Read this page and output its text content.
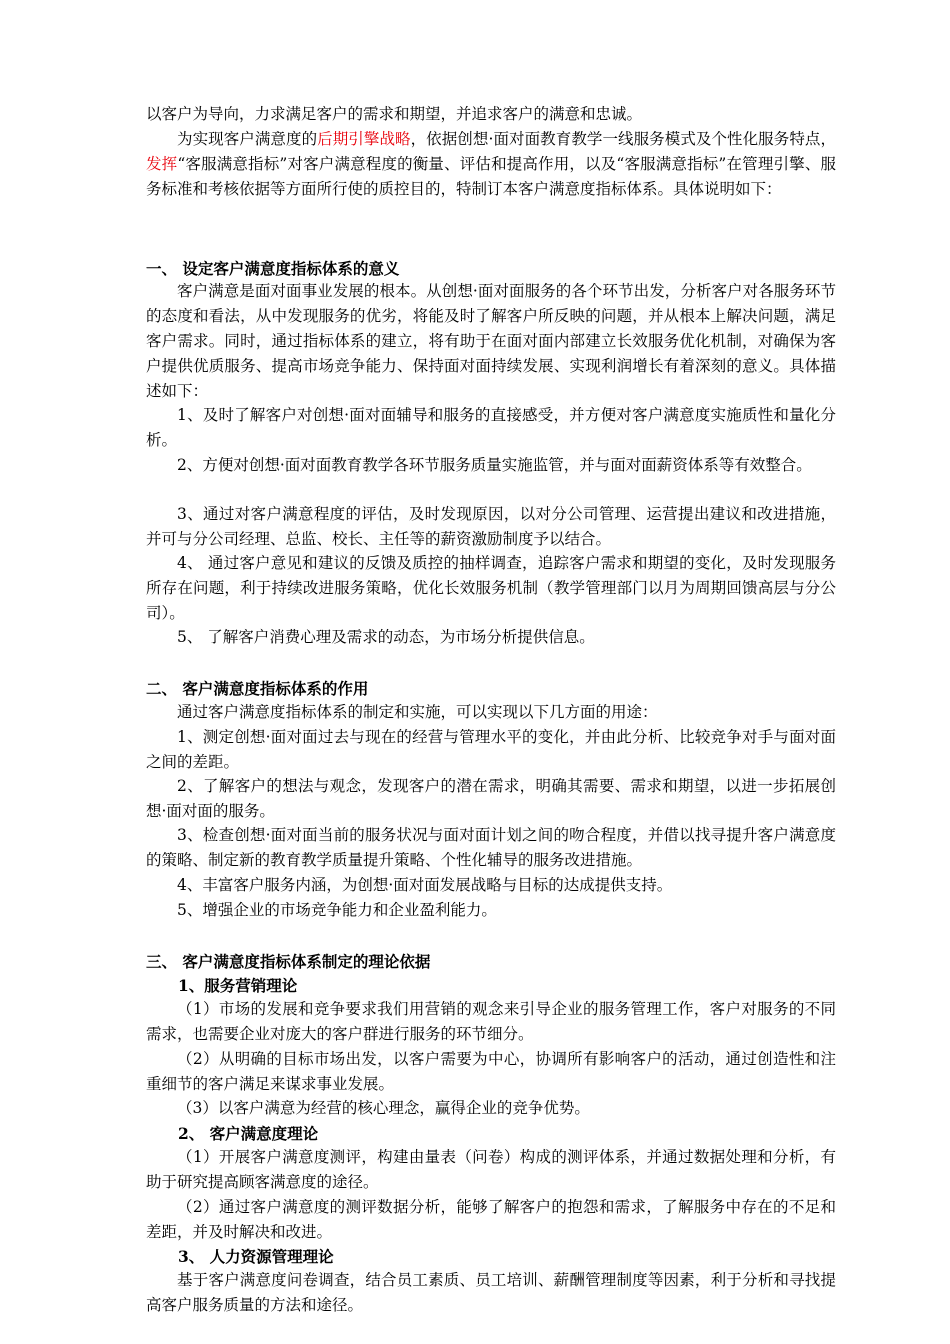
以客户为导向，力求满足客户的需求和期望，并追求客户的满意和忠诚。

为实现客户满意度的后期引擎战略，依据创想·面对面教育教学一线服务模式及个性化服务特点，发挥“客服满意指标”对客户满意程度的衡量、评估和提高作用，以及“客服满意指标”在管理引擎、服务标准和考核依据等方面所行使的质控目的，特制订本客户满意度指标体系。具体说明如下：

一、 设定客户满意度指标体系的意义

客户满意是面对面事业发展的根本。从创想·面对面服务的各个环节出发，分析客户对各服务环节的态度和看法，从中发现服务的优劣，将能及时了解客户所反映的问题，并从根本上解决问题，满足客户需求。同时，通过指标体系的建立，将有助于在面对面内部建立长效服务优化机制，对确保为客户提供优质服务、提高市场竞争能力、保持面对面持续发展、实现利润增长有着深刻的意义。具体描述如下：

1、及时了解客户对创想·面对面辅导和服务的直接感受，并方便对客户满意度实施质性和量化分析。

2、方便对创想·面对面教育教学各环节服务质量实施监管，并与面对面薪资体系等有效整合。

3、通过对客户满意程度的评估，及时发现原因，以对分公司管理、运营提出建议和改进措施，并可与分公司经理、总监、校长、主任等的薪资激励制度予以结合。

4、 通过客户意见和建议的反馈及质控的抽样调查，追踪客户需求和期望的变化，及时发现服务所存在问题，利于持续改进服务策略，优化长效服务机制（教学管理部门以月为周期回馈高层与分公司）。

5、 了解客户消费心理及需求的动态，为市场分析提供信息。

二、 客户满意度指标体系的作用

通过客户满意度指标体系的制定和实施，可以实现以下几方面的用途：

1、测定创想·面对面过去与现在的经营与管理水平的变化，并由此分析、比较竞争对手与面对面之间的差距。

2、了解客户的想法与观念，发现客户的潜在需求，明确其需要、需求和期望，以进一步拓展创想·面对面的服务。

3、检查创想·面对面当前的服务状况与面对面计划之间的吻合程度，并借以找寻提升客户满意度的策略、制定新的教育教学质量提升策略、个性化辅导的服务改进措施。

4、丰富客户服务内涵，为创想·面对面发展战略与目标的达成提供支持。

5、增强企业的市场竞争能力和企业盈利能力。

三、 客户满意度指标体系制定的理论依据
1、服务营销理论

（1）市场的发展和竞争要求我们用营销的观念来引导企业的服务管理工作，客户对服务的不同需求，也需要企业对庞大的客户群进行服务的环节细分。

（2）从明确的目标市场出发，以客户需要为中心，协调所有影响客户的活动，通过创造性和注重细节的客户满足来谋求事业发展。

（3）以客户满意为经营的核心理念，赢得企业的竞争优势。

2、 客户满意度理论

（1）开展客户满意度测评，构建由量表（问卷）构成的测评体系，并通过数据处理和分析，有助于研究提高顾客满意度的途径。

（2）通过客户满意度的测评数据分析，能够了解客户的抱怨和需求，了解服务中存在的不足和差距，并及时解决和改进。

3、 人力资源管理理论

基于客户满意度问卷调查，结合员工素质、员工培训、薪酬管理制度等因素，利于分析和寻找提高客户服务质量的方法和途径。
